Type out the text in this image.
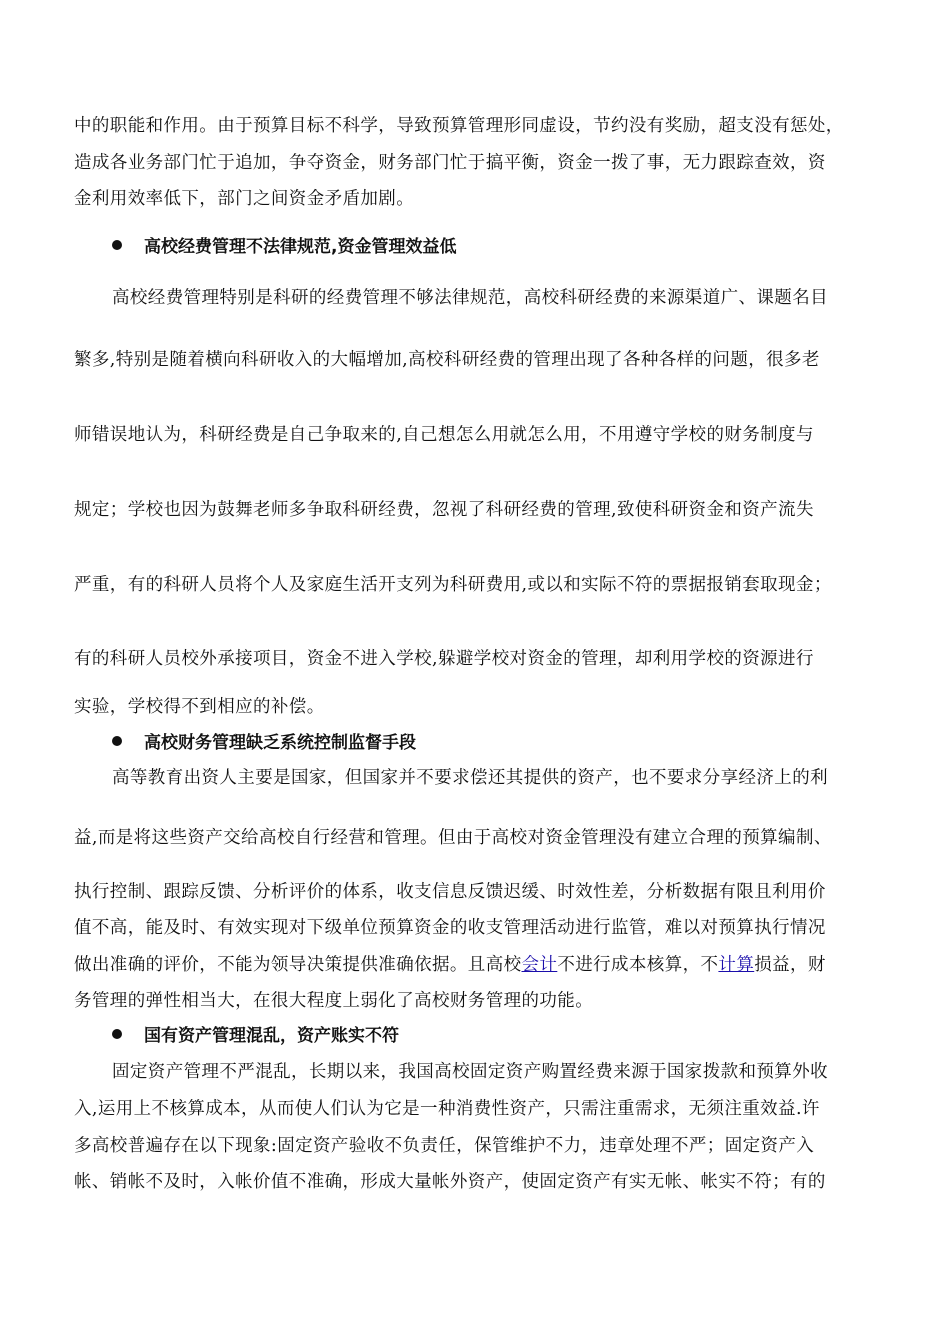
中的职能和作用。由于预算目标不科学，导致预算管理形同虚设，节约没有奖励，超支没有惩处，
造成各业务部门忙于追加，争夺资金，财务部门忙于搞平衡，资金一拨了事，无力跟踪查效，资
金利用效率低下，部门之间资金矛盾加剧。
高校经费管理不法律规范,资金管理效益低
高校经费管理特别是科研的经费管理不够法律规范，高校科研经费的来源渠道广、课题名目
繁多,特别是随着横向科研收入的大幅增加,高校科研经费的管理出现了各种各样的问题，很多老
师错误地认为，科研经费是自己争取来的,自己想怎么用就怎么用，不用遵守学校的财务制度与
规定；学校也因为鼓舞老师多争取科研经费，忽视了科研经费的管理,致使科研资金和资产流失
严重，有的科研人员将个人及家庭生活开支列为科研费用,或以和实际不符的票据报销套取现金；
有的科研人员校外承接项目，资金不进入学校,躲避学校对资金的管理，却利用学校的资源进行
实验，学校得不到相应的补偿。
高校财务管理缺乏系统控制监督手段
高等教育出资人主要是国家，但国家并不要求偿还其提供的资产，也不要求分享经济上的利
益,而是将这些资产交给高校自行经营和管理。但由于高校对资金管理没有建立合理的预算编制、
执行控制、跟踪反馈、分析评价的体系，收支信息反馈迟缓、时效性差，分析数据有限且利用价
值不高，能及时、有效实现对下级单位预算资金的收支管理活动进行监管，难以对预算执行情况
做出准确的评价，不能为领导决策提供准确依据。且高校会计不进行成本核算，不计算损益，财
务管理的弹性相当大，在很大程度上弱化了高校财务管理的功能。
国有资产管理混乱，资产账实不符
固定资产管理不严混乱，长期以来，我国高校固定资产购置经费来源于国家拨款和预算外收
入,运用上不核算成本，从而使人们认为它是一种消费性资产，只需注重需求，无须注重效益.许
多高校普遍存在以下现象:固定资产验收不负责任，保管维护不力，违章处理不严；固定资产入
帐、销帐不及时，入帐价值不准确，形成大量帐外资产，使固定资产有实无帐、帐实不符；有的
